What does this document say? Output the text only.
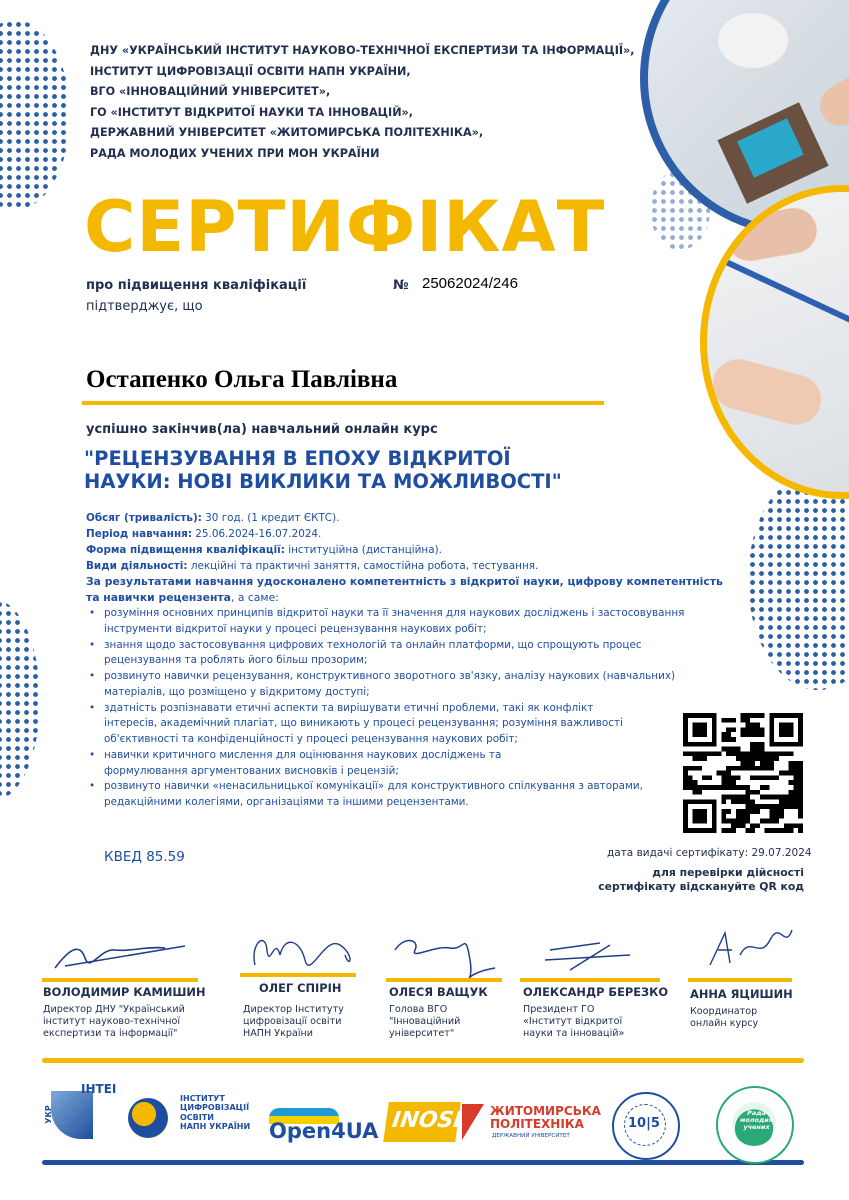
ДНУ «УКРАЇНСЬКИЙ ІНСТИТУТ НАУКОВО-ТЕХНІЧНОЇ ЕКСПЕРТИЗИ ТА ІНФОРМАЦІЇ»,
ІНСТИТУТ ЦИФРОВІЗАЦІЇ ОСВІТИ НАПН УКРАЇНИ,
ВГО «ІННОВАЦІЙНИЙ УНІВЕРСИТЕТ»,
ГО «ІНСТИТУТ ВІДКРИТОЇ НАУКИ ТА ІННОВАЦІЙ»,
ДЕРЖАВНИЙ УНІВЕРСИТЕТ «ЖИТОМИРСЬКА ПОЛІТЕХНІКА»,
РАДА МОЛОДИХ УЧЕНИХ ПРИ МОН УКРАЇНИ
СЕРТИФІКАТ
про підвищення кваліфікації	№ 25062024/246
підтверджує, що
Остапенко Ольга Павлівна
успішно закінчив(ла) навчальний онлайн курс
"РЕЦЕНЗУВАННЯ В ЕПОХУ ВІДКРИТОЇ
НАУКИ: НОВІ ВИКЛИКИ ТА МОЖЛИВОСТІ"
Обсяг (тривалість): 30 год. (1 кредит ЄКТС).
Період навчання: 25.06.2024-16.07.2024.
Форма підвищення кваліфікації: інституційна (дистанційна).
Види діяльності: лекційні та практичні заняття, самостійна робота, тестування.
За результатами навчання удосконалено компетентність з відкритої науки, цифрову компетентність
та навички рецензента, а саме:
• розуміння основних принципів відкритої науки та її значення для наукових досліджень і застосовування інструменти відкритої науки у процесі рецензування наукових робіт;
• знання щодо застосовування цифрових технологій та онлайн платформи, що спрощують процес рецензування та роблять його більш прозорим;
• розвинуто навички рецензування, конструктивного зворотного зв'язку, аналізу наукових (навчальних) матеріалів, що розміщено у відкритому доступі;
• здатність розпізнавати етичні аспекти та вирішувати етичні проблеми, такі як конфлікт інтересів, академічний плагіат, що виникають у процесі рецензування; розуміння важливості об'єктивності та конфіденційності у процесі рецензування наукових робіт;
• навички критичного мислення для оцінювання наукових досліджень та формулювання аргументованих висновків і рецензій;
• розвинуто навички «ненасильницької комунікації» для конструктивного спілкування з авторами, редакційними колегіями, організаціями та іншими рецензентами.
КВЕД 85.59	дата видачі сертифікату: 29.07.2024
для перевірки дійсності
сертифікату відскануйте QR код
ВОЛОДИМИР КАМИШИН
Директор ДНУ "Український
інститут науково-технічної
експертизи та інформації"
ОЛЕГ СПІРІН
Директор Інституту
цифровізації освіти
НАПН України
ОЛЕСЯ ВАЩУК
Голова ВГО
"Інноваційний
університет"
ОЛЕКСАНДР БЕРЕЗКО
Президент ГО
«Інститут відкритої
науки та інновацій»
АННА ЯЦИШИН
Координатор
онлайн курсу
УКР
ІНТЕІ
ІНСТИТУТ
ЦИФРОВІЗАЦІЇ
ОСВІТИ
НАПН УКРАЇНИ Open4UA INOSI ЖИТОМИРСЬКА
ПОЛІТЕХНІКА
ДЕРЖАВНИЙ УНІВЕРСИТЕТ
10|5
Рада
молодих
учених
